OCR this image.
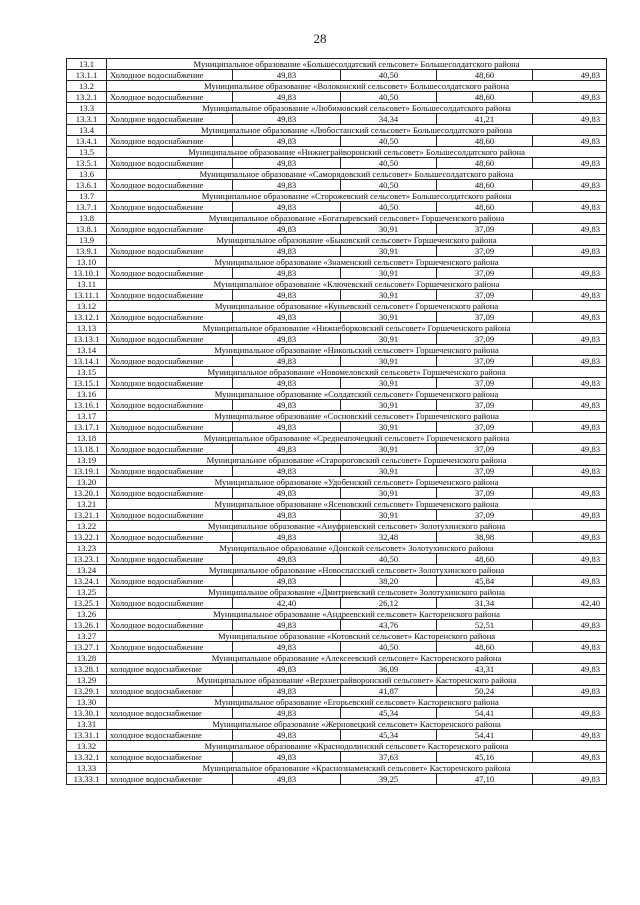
28
13.1	Муниципальное образование «Большесолдатский сельсовет» Большесолдатского района				
13.1.1	Холодное водоснабжение	49,83	40,50	48,60	49,83
13.2	Муниципальное образование «Волоконский сельсовет» Большесолдатского района				
13.2.1	Холодное водоснабжение	49,83	40,50	48,60	49,83
13.3	Муниципальное образование «Любимовский сельсовет» Большесолдатского района				
13.3.1	Холодное водоснабжение	49,83	34,34	41,21	49,83
13.4	Муниципальное образование «Любостанский сельсовет» Большесолдатского района				
13.4.1	Холодное водоснабжение	49,83	40,50	48,60	49,83
13.5	Муниципальное образование «Нижнеграйворонский сельсовет» Большесолдатского района				
13.5.1	Холодное водоснабжение	49,83	40,50	48,60	49,83
13.6	Муниципальное образование «Саморядовский сельсовет» Большесолдатского района				
13.6.1	Холодное водоснабжение	49,83	40,50	48,60	49,83
13.7	Муниципальное образование «Сторожевский сельсовет» Большесолдатского района				
13.7.1	Холодное водоснабжение	49,83	40,50	48,60	49,83
13.8	Муниципальное образование «Богатыревский сельсовет» Горшеченского района				
13.8.1	Холодное водоснабжение	49,83	30,91	37,09	49,83
13.9	Муниципальное образование «Быковский сельсовет» Горшеченского района				
13.9.1	Холодное водоснабжение	49,83	30,91	37,09	49,83
13.10	Муниципальное образование «Знаменский сельсовет» Горшеченского района				
13.10.1	Холодное водоснабжение	49,83	30,91	37,09	49,83
13.11	Муниципальное образование «Ключевский сельсовет» Горшеченского района				
13.11.1	Холодное водоснабжение	49,83	30,91	37,09	49,83
13.12	Муниципальное образование «Куньевский сельсовет» Горшеченского района				
13.12.1	Холодное водоснабжение	49,83	30,91	37,09	49,83
13.13	Муниципальное образование «Нижнеборковский сельсовет» Горшеченского района				
13.13.1	Холодное водоснабжение	49,83	30,91	37,09	49,83
13.14	Муниципальное образование «Никольский сельсовет» Горшеченского района				
13.14.1	Холодное водоснабжение	49,83	30,91	37,09	49,83
13.15	Муниципальное образование «Новомеловский сельсовет» Горшеченского района				
13.15.1	Холодное водоснабжение	49,83	30,91	37,09	49,83
13.16	Муниципальное образование «Солдатский сельсовет» Горшеченского района				
13.16.1	Холодное водоснабжение	49,83	30,91	37,09	49,83
13.17	Муниципальное образование «Сосновский сельсовет» Горшеченского района				
13.17.1	Холодное водоснабжение	49,83	30,91	37,09	49,83
13.18	Муниципальное образование «Среднеапочецкий сельсовет» Горшеченского района				
13.18.1	Холодное водоснабжение	49,83	30,91	37,09	49,83
13.19	Муниципальное образование «Старороговский сельсовет» Горшеченского района				
13.19.1	Холодное водоснабжение	49,83	30,91	37,09	49,83
13.20	Муниципальное образование «Удобенский сельсовет» Горшеченского района				
13.20.1	Холодное водоснабжение	49,83	30,91	37,09	49,83
13.21	Муниципальное образование «Ясеновский сельсовет» Горшеченского района				
13.21.1	Холодное водоснабжение	49,83	30,91	37,09	49,83
13.22	Муниципальное образование «Ануфриевский сельсовет» Золотухинского района				
13.22.1	Холодное водоснабжение	49,83	32,48	38,98	49,83
13.23	Муниципальное образование «Донской сельсовет» Золотухинского района				
13.23.1	Холодное водоснабжение	49,83	40,50	48,60	49,83
13.24	Муниципальное образование «Новоспасский сельсовет» Золотухинского района				
13.24.1	Холодное водоснабжение	49,83	38,20	45,84	49,83
13.25	Муниципальное образование «Дмитриевский сельсовет» Золотухинского района				
13.25.1	Холодное водоснабжение	42,40	26,12	31,34	42,40
13.26	Муниципальное образование «Андреевский сельсовет» Касторенского района				
13.26.1	Холодное водоснабжение	49,83	43,76	52,51	49,83
13.27	Муниципальное образование «Котовский сельсовет» Касторенского района				
13.27.1	Холодное водоснабжение	49,83	40,50	48,60	49,83
13.28	Муниципальное образование «Алексеевский сельсовет» Касторенского района				
13.28.1	холодное водоснабжение	49,83	36,09	43,31	49,83
13.29	Муниципальное образование «Верхнеграйворонский сельсовет» Касторенского района				
13.29.1	холодное водоснабжение	49,83	41,87	50,24	49,83
13.30	Муниципальное образование «Егорьевский сельсовет» Касторенского района				
13.30.1	холодное водоснабжение	49,83	45,34	54,41	49,83
13.31	Муниципальное образование «Жерновецкий сельсовет» Касторенского района				
13.31.1	холодное водоснабжение	49,83	45,34	54,41	49,83
13.32	Муниципальное образование «Краснодолинский сельсовет» Касторенского района				
13.32.1	холодное водоснабжение	49,83	37,63	45,16	49,83
13.33	Муниципальное образование «Краснознаменский сельсовет» Касторенского района				
13.33.1	холодное водоснабжение	49,83	39,25	47,10	49,83
